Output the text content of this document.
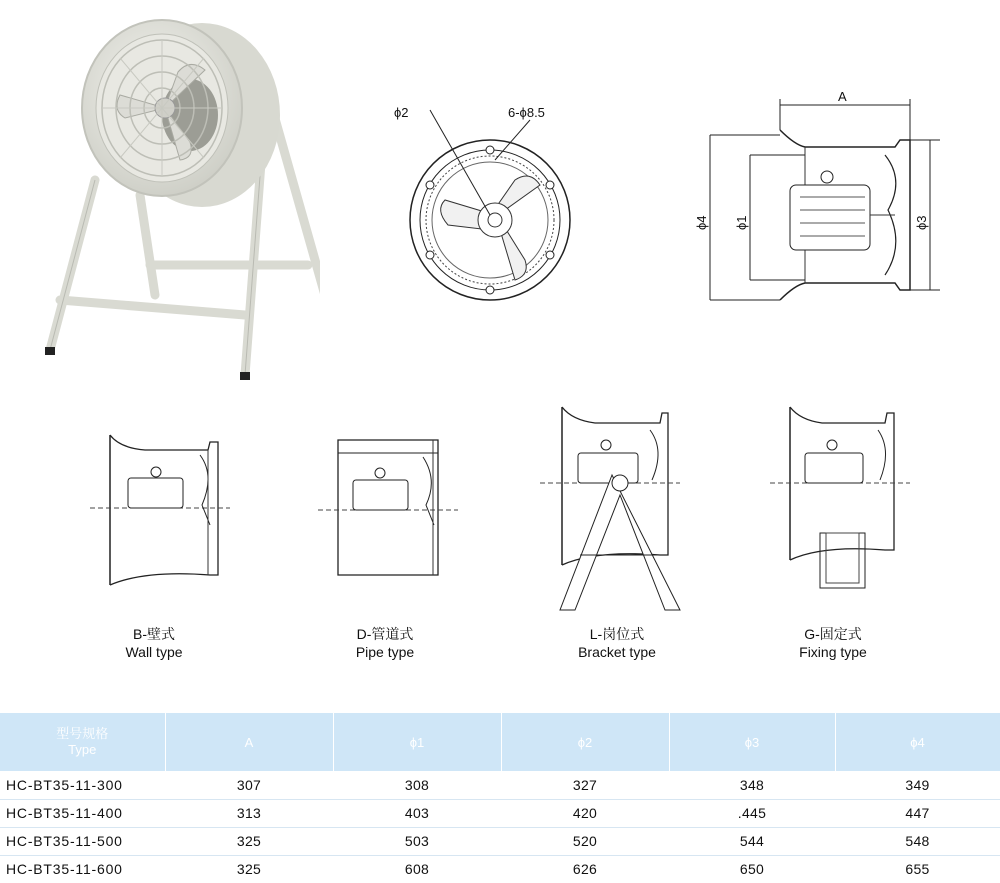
ϕ2	6-ϕ8.5
A
ϕ4 ϕ1	ϕ3
B-壁式
Wall type
D-管道式
Pipe type
L-岗位式
Bracket type
G-固定式
Fixing type
型号规格
Type	A	ϕ1	ϕ2	ϕ3	ϕ4
HC-BT35-11-300	307	308	327	348	349
HC-BT35-11-400	313	403	420	.445	447
HC-BT35-11-500	325	503	520	544	548
HC-BT35-11-600	325	608	626	650	655
